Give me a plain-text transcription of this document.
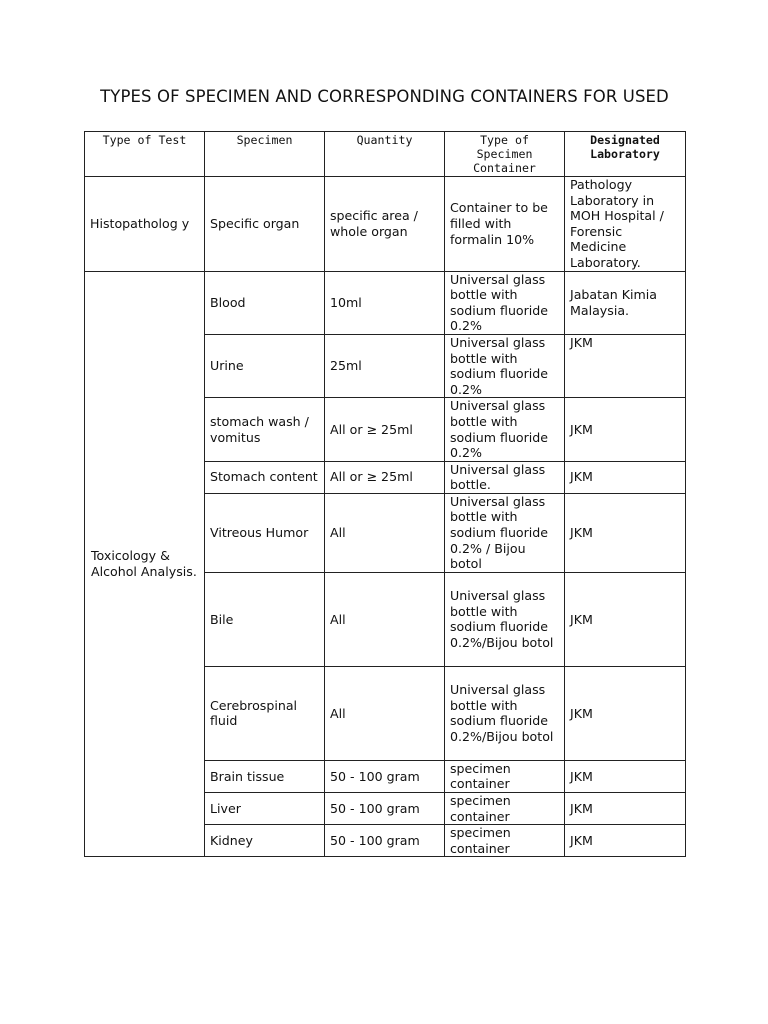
TYPES OF SPECIMEN AND CORRESPONDING CONTAINERS FOR USED
Type of Test	Specimen	Quantity	Type of Specimen Container	Designated Laboratory
Histopatholog y	Specific organ	specific area / whole organ	Container to be filled with formalin 10%	Pathology Laboratory in MOH Hospital / Forensic Medicine Laboratory.
Toxicology & Alcohol Analysis.	Blood	10ml	Universal glass bottle with sodium fluoride 0.2%	Jabatan Kimia Malaysia.
	Urine	25ml	Universal glass bottle with sodium fluoride 0.2%	JKM
	stomach wash / vomitus	All or ≥ 25ml	Universal glass bottle with sodium fluoride 0.2%	JKM
	Stomach content	All or ≥ 25ml	Universal glass bottle.	JKM
	Vitreous Humor	All	Universal glass bottle with sodium fluoride 0.2% / Bijou botol	JKM
	Bile	All	Universal glass bottle with sodium fluoride 0.2%/Bijou botol	JKM
	Cerebrospinal fluid	All	Universal glass bottle with sodium fluoride 0.2%/Bijou botol	JKM
	Brain tissue	50 - 100 gram	specimen container	JKM
	Liver	50 - 100 gram	specimen container	JKM
	Kidney	50 - 100 gram	specimen container	JKM
